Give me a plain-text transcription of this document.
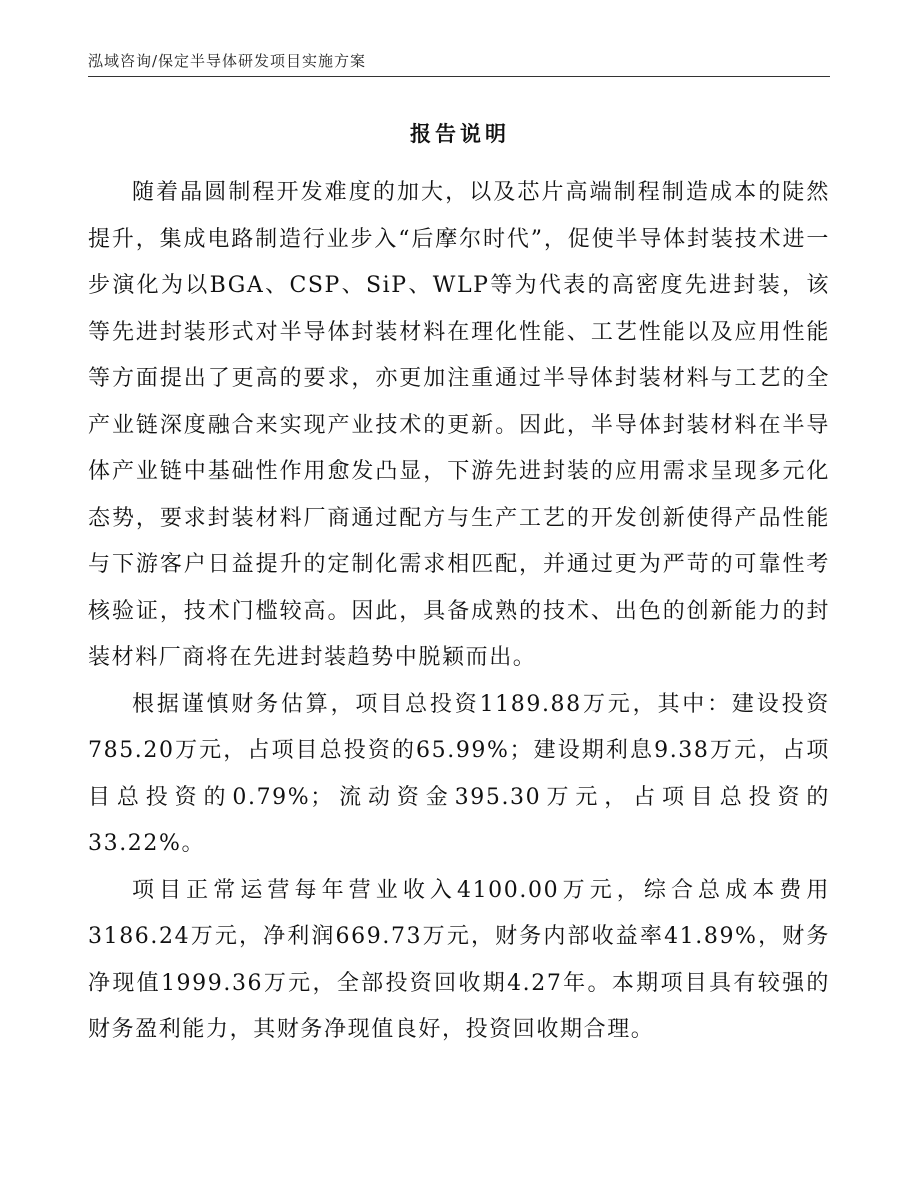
泓域咨询/保定半导体研发项目实施方案
报告说明

随着晶圆制程开发难度的加大，以及芯片高端制程制造成本的陡然提升，集成电路制造行业步入“后摩尔时代”，促使半导体封装技术进一步演化为以BGA、CSP、SiP、WLP等为代表的高密度先进封装，该等先进封装形式对半导体封装材料在理化性能、工艺性能以及应用性能等方面提出了更高的要求，亦更加注重通过半导体封装材料与工艺的全产业链深度融合来实现产业技术的更新。因此，半导体封装材料在半导体产业链中基础性作用愈发凸显，下游先进封装的应用需求呈现多元化态势，要求封装材料厂商通过配方与生产工艺的开发创新使得产品性能与下游客户日益提升的定制化需求相匹配，并通过更为严苛的可靠性考核验证，技术门槛较高。因此，具备成熟的技术、出色的创新能力的封装材料厂商将在先进封装趋势中脱颖而出。

根据谨慎财务估算，项目总投资1189.88万元，其中：建设投资785.20万元，占项目总投资的65.99%；建设期利息9.38万元，占项目总投资的0.79%；流动资金395.30万元，占项目总投资的33.22%。

项目正常运营每年营业收入4100.00万元，综合总成本费用3186.24万元，净利润669.73万元，财务内部收益率41.89%，财务净现值1999.36万元，全部投资回收期4.27年。本期项目具有较强的财务盈利能力，其财务净现值良好，投资回收期合理。
